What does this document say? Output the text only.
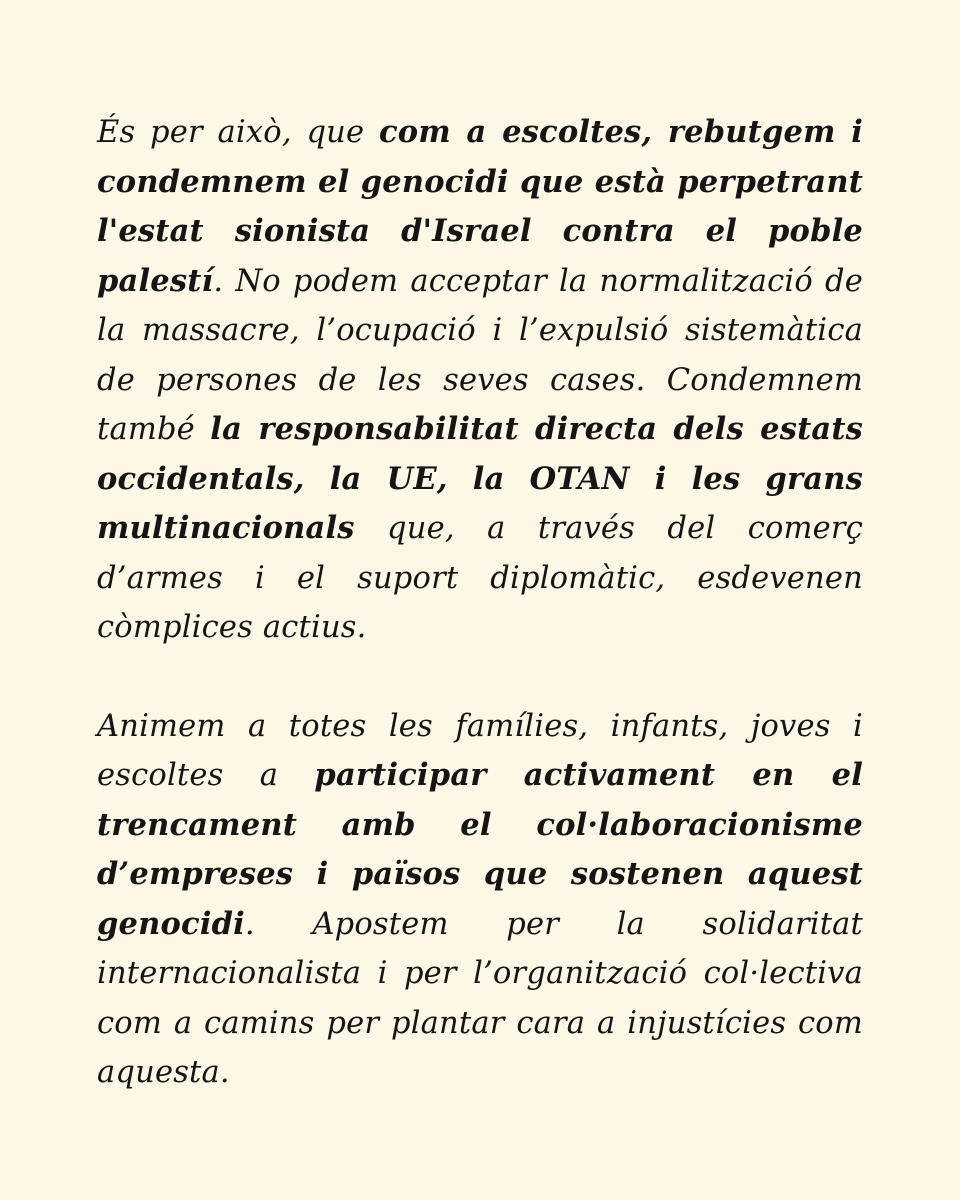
És per això, que com a escoltes, rebutgem i condemnem el genocidi que està perpetrant l'estat sionista d'Israel contra el poble palestí. No podem acceptar la normalització de la massacre, l’ocupació i l’expulsió sistemàtica de persones de les seves cases. Condemnem també la responsabilitat directa dels estats occidentals, la UE, la OTAN i les grans multinacionals que, a través del comerç d’armes i el suport diplomàtic, esdevenen còmplices actius.

Animem a totes les famílies, infants, joves i escoltes a participar activament en el trencament amb el col·laboracionisme d’empreses i països que sostenen aquest genocidi. Apostem per la solidaritat internacionalista i per l’organització col·lectiva com a camins per plantar cara a injustícies com aquesta.
